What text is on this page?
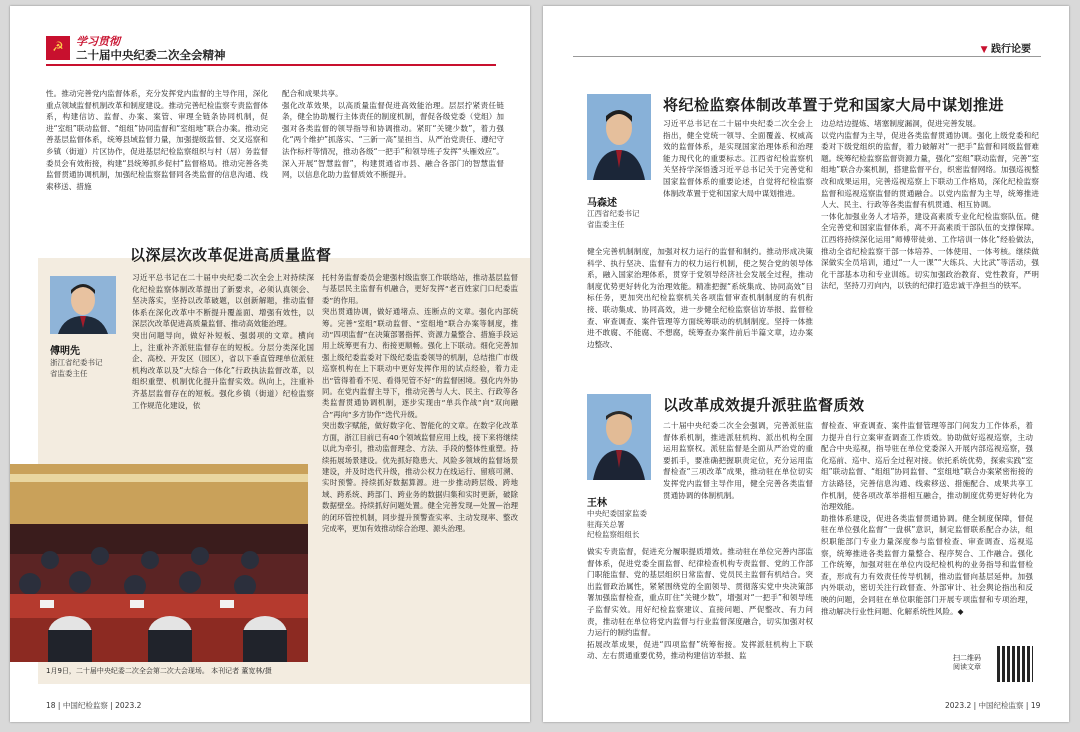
☭	学习贯彻
二十届中央纪委二次全会精神
性。推动完善党内监督体系，充分发挥党内监督的主导作用，深化重点领域监督机制改革和制度建设。推动完善纪检监察专责监督体系，构建信访、监督、办案、案管、审理全链条协同机制，促进“室组”联动监督、“组组”协同监督和“室组地”联合办案。推动完善基层监督体系，统筹县域监督力量，加强提级监督、交叉巡察和乡镇（街道）片区协作，促进基层纪检监察组织与村（居）务监督委员会有效衔接，构建“县统筹抓乡促村”监督格局。推动完善各类监督贯通协调机制，加强纪检监察监督同各类监督的信息沟通、线索移送、措施
配合和成果共享。
强化改革效果，以高质量监督促进高效能治理。层层拧紧责任链条，健全协助履行主体责任的制度机制，督促各级党委（党组）加强对各类监督的领导指导和协调推动。紧盯“关键少数”，着力强化“两个维护”抓落实、“三新一高”显担当、从严治党责任、遵纪守法作标杆等情况，推动各级“一把手”和领导班子发挥“头雁效应”。深入开展“智慧监督”，构建贯通省市县、融合各部门的智慧监督网，以信息化助力监督质效不断提升。
以深层次改革促进高质量监督
傅明先
浙江省纪委书记
省监委主任
习近平总书记在二十届中央纪委二次全会上对持续深化纪检监察体制改革提出了新要求，必须认真领会、坚决落实，坚持以改革破题，以创新解题，推动监督体系在深化改革中不断提升覆盖面、增强有效性，以深层次改革促进高质量监督、推动高效能治理。
突出问题导向，做好补短板、强弱项的文章。横向上，注重补齐派驻监督存在的短板。分层分类深化国企、高校、开发区（园区），省以下垂直管理单位派驻机构改革以及“大综合一体化”行政执法监督改革，以组织重塑、机制优化提升监督实效。纵向上，注重补齐基层监督存在的短板。强化乡镇（街道）纪检监察工作规范化建设，依
托村务监督委员会建强村级监察工作联络站，推动基层监督与基层民主监督有机融合，更好发挥“老百姓家门口纪委监委”的作用。
突出贯通协调，做好通堵点、连断点的文章。强化内部统筹。完善“室组”联动监督、“室组地”联合办案等制度，推动“四项监督”在决策部署指挥、资源力量整合、措施手段运用上统筹更有力、衔接更顺畅。强化上下联动。细化完善加强上级纪委监委对下级纪委监委领导的机制，总结推广市级巡察机构在上下联动中更好发挥作用的试点经验，着力走出“管得着看不见、看得见管不好”的监督困境。强化内外协同。在党内监督主导下，推动完善与人大、民主、行政等各类监督贯通协调机制，逐步实现由“单兵作战”向“双向融合”再向“多方协作”迭代升级。
突出数字赋能，做好数字化、智能化的文章。在数字化改革方面，浙江目前已有40个领域监督应用上线，接下来将继续以此为牵引，推动监督理念、方法、手段的整体性重塑。持续拓展场景建设。优先抓好隐患大、风险多领域的监督场景建设，并及时迭代升级，推动公权力在线运行、留痕可溯、实时预警。持续抓好数据算源。进一步推动跨层级、跨地域、跨系统、跨部门、跨业务的数据归集和实时更新，破除数据壁垒。持续抓好问题处置。健全完善发现—处置—治理的闭环管控机制，同步提升预警查实率、主动发现率、整改完成率，更加有效推动综合治理、源头治理。
1月9日，二十届中央纪委二次全会第二次大会现场。 本刊记者 董宽林/摄
18 | 中国纪检监察 | 2023.2
▼ 践行论要
将纪检监察体制改革置于党和国家大局中谋划推进
马森述
江西省纪委书记
省监委主任
习近平总书记在二十届中央纪委二次全会上指出，健全党统一领导、全面覆盖、权威高效的监督体系，是实现国家治理体系和治理能力现代化的重要标志。江西省纪检监察机关坚持学深悟透习近平总书记关于完善党和国家监督体系的重要论述，自觉将纪检监察体制改革置于党和国家大局中谋划推进。
健全完善机制制度，加强对权力运行的监督和制约。推动形成决策科学、执行坚决、监督有力的权力运行机制，使之契合党的领导体系，融入国家治理体系，贯穿于党领导经济社会发展全过程，推动制度优势更好转化为治理效能。精准把握“系统集成、协同高效”目标任务，更加突出纪检监察机关各项监督审查机制制度的有机衔接、联动集成、协同高效，进一步健全纪检监察信访举报、监督检查、审查调查、案件管理等方面统筹联动的机制制度。坚持一体推进不敢腐、不能腐、不想腐，统筹查办案件前后半篇文章，边办案边整改、
边总结边提炼、堵塞制度漏洞，促进完善发展。
以党内监督为主导，促进各类监督贯通协调。强化上级党委和纪委对下级党组织的监督，着力破解对“一把手”监督和同级监督难题。统筹纪检监察监督资源力量，强化“室组”联动监督，完善“室组地”联合办案机制，搭建监督平台，织密监督网络。加强巡视整改和成果运用，完善巡视巡察上下联动工作格局，深化纪检监察监督和巡视巡察监督的贯通融合。以党内监督为主导，统筹推进人大、民主、行政等各类监督有机贯通、相互协调。
一体化加强业务人才培养，建设高素质专业化纪检监察队伍。健全完善党和国家监督体系，离不开高素质干部队伍的支撑保障。江西将持续深化运用“师傅带徒弟、工作培训一体化”经验做法，推动全省纪检监察干部一体培养、一体使用、一体考核。继续做深做实全员培训，通过“一人一课”“大练兵、大比武”等活动，强化干部基本功和专业训练。切实加强政治教育、党性教育，严明法纪，坚持刀刃向内，以铁的纪律打造忠诚干净担当的铁军。
以改革成效提升派驻监督质效
王林
中央纪委国家监委
驻海关总署
纪检监察组组长
二十届中央纪委二次全会强调，完善派驻监督体系机制，推进派驻机构、派出机构全面运用监察权。派驻监督是全面从严治党的重要抓手，要准确把握职责定位，充分运用监督检查“三项改革”成果，推动驻在单位切实发挥党内监督主导作用，健全完善各类监督贯通协调的体制机制。
做实专责监督，促进充分履职提质增效。推动驻在单位完善内部监督体系，促进党委全面监督、纪律检查机构专责监督、党的工作部门职能监督、党的基层组织日常监督、党员民主监督有机结合。突出监督政治属性，紧紧围绕党的全面领导、贯彻落实党中央决策部署加强监督检查，重点盯住“关键少数”，增强对“一把手”和领导班子监督实效。用好纪检监察建议、直接问题、严促整改、有力问责，推动驻在单位将党内监督与行业监督深度融合，切实加强对权力运行的制约监督。
拓展改革成果，促进“四项监督”统筹衔接。发挥派驻机构上下联动、左右贯通重要优势，推动构建信访举报、监
督检查、审查调查、案件监督管理等部门间发力工作体系，着力提升自行立案审查调查工作质效。协助做好巡视巡察，主动配合中央巡视，指导驻在单位党委深入开展内部巡视巡察，强化巡前、巡中、巡后全过程对接。依托系统优势，探索实践“室组”联动监督、“组组”协同监督、“室组地”联合办案紧密衔接的方法路径，完善信息沟通、线索移送、措施配合、成果共享工作机制，使各项改革举措相互融合，推动制度优势更好转化为治理效能。
助推体系建设，促进各类监督贯通协调。健全制度保障，督促驻在单位强化监督“一盘棋”意识，制定监督联系配合办法，组织职能部门专业力量深度参与监督检查、审查调查、巡视巡察，统筹推进各类监督力量整合、程序契合、工作融合。强化工作统筹，加强对驻在单位内设纪检机构的业务指导和监督检查，形成有力有效责任传导机制，推动监督向基层延伸。加强内外联动，密切关注行政督查、外部审计、社会舆论指出和反映的问题，会同驻在单位职能部门开展专项监督和专项治理，推动解决行业性问题、化解系统性风险。◆
扫二维码
阅读文章
2023.2 | 中国纪检监察 | 19
